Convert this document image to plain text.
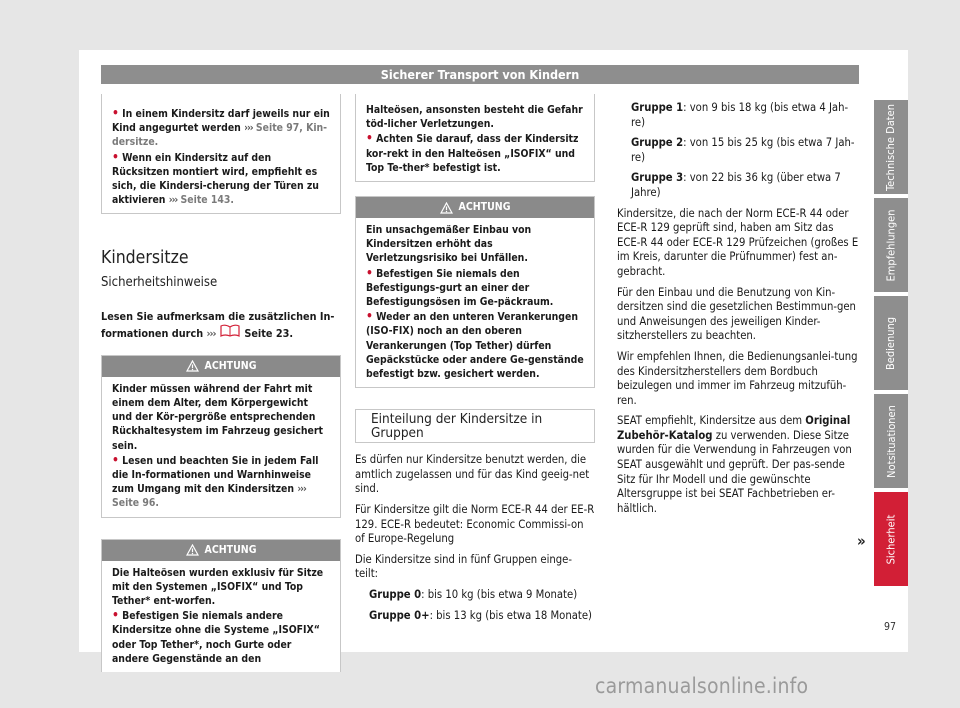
Sicherer Transport von Kindern
• In einem Kindersitz darf jeweils nur ein Kind angegurtet werden ››› Seite 97, Kin-dersitze.
• Wenn ein Kindersitz auf den Rücksitzen montiert wird, empfiehlt es sich, die Kindersi-cherung der Türen zu aktivieren ››› Seite 143.
Kindersitze
Sicherheitshinweise
Lesen Sie aufmerksam die zusätzlichen In-formationen durch ›››	Seite 23.
ACHTUNG
Kinder müssen während der Fahrt mit einem dem Alter, dem Körpergewicht und der Kör-pergröße entsprechenden Rückhaltesystem im Fahrzeug gesichert sein.
• Lesen und beachten Sie in jedem Fall die In-formationen und Warnhinweise zum Umgang mit den Kindersitzen ››› Seite 96.
ACHTUNG
Die Halteösen wurden exklusiv für Sitze mit den Systemen „ISOFIX“ und Top Tether* ent-worfen.
• Befestigen Sie niemals andere Kindersitze ohne die Systeme „ISOFIX“ oder Top Tether*, noch Gurte oder andere Gegenstände an den
Halteösen, ansonsten besteht die Gefahr töd-licher Verletzungen.
• Achten Sie darauf, dass der Kindersitz kor-rekt in den Halteösen „ISOFIX“ und Top Te-ther* befestigt ist.
ACHTUNG
Ein unsachgemäßer Einbau von Kindersitzen erhöht das Verletzungsrisiko bei Unfällen.
• Befestigen Sie niemals den Befestigungs-gurt an einer der Befestigungsösen im Ge-päckraum.
• Weder an den unteren Verankerungen (ISO-FIX) noch an den oberen Verankerungen (Top Tether) dürfen Gepäckstücke oder andere Ge-genstände befestigt bzw. gesichert werden.
Einteilung der Kindersitze in Gruppen

Es dürfen nur Kindersitze benutzt werden, die amtlich zugelassen und für das Kind geeig-net sind.

Für Kindersitze gilt die Norm ECE-R 44 der EE-R 129. ECE-R bedeutet: Economic Commissi-on of Europe-Regelung

Die Kindersitze sind in fünf Gruppen einge-teilt:

Gruppe 0: bis 10 kg (bis etwa 9 Monate)
Gruppe 0+: bis 13 kg (bis etwa 18 Monate)
Gruppe 1: von 9 bis 18 kg (bis etwa 4 Jah-re)
Gruppe 2: von 15 bis 25 kg (bis etwa 7 Jah-re)
Gruppe 3: von 22 bis 36 kg (über etwa 7 Jahre)

Kindersitze, die nach der Norm ECE-R 44 oder ECE-R 129 geprüft sind, haben am Sitz das ECE-R 44 oder ECE-R 129 Prüfzeichen (großes E im Kreis, darunter die Prüfnummer) fest an-gebracht.

Für den Einbau und die Benutzung von Kin-dersitzen sind die gesetzlichen Bestimmun-gen und Anweisungen des jeweiligen Kinder-sitzherstellers zu beachten.

Wir empfehlen Ihnen, die Bedienungsanlei-tung des Kindersitzherstellers dem Bordbuch beizulegen und immer im Fahrzeug mitzufüh-ren.

SEAT empfiehlt, Kindersitze aus dem Original Zubehör-Katalog zu verwenden. Diese Sitze wurden für die Verwendung in Fahrzeugen von SEAT ausgewählt und geprüft. Der pas-sende Sitz für Ihr Modell und die gewünschte Altersgruppe ist bei SEAT Fachbetrieben er-hältlich.

»
Technische Daten
Empfehlungen
Bedienung
Notsituationen
Sicherheit
97
carmanualsonline.info
